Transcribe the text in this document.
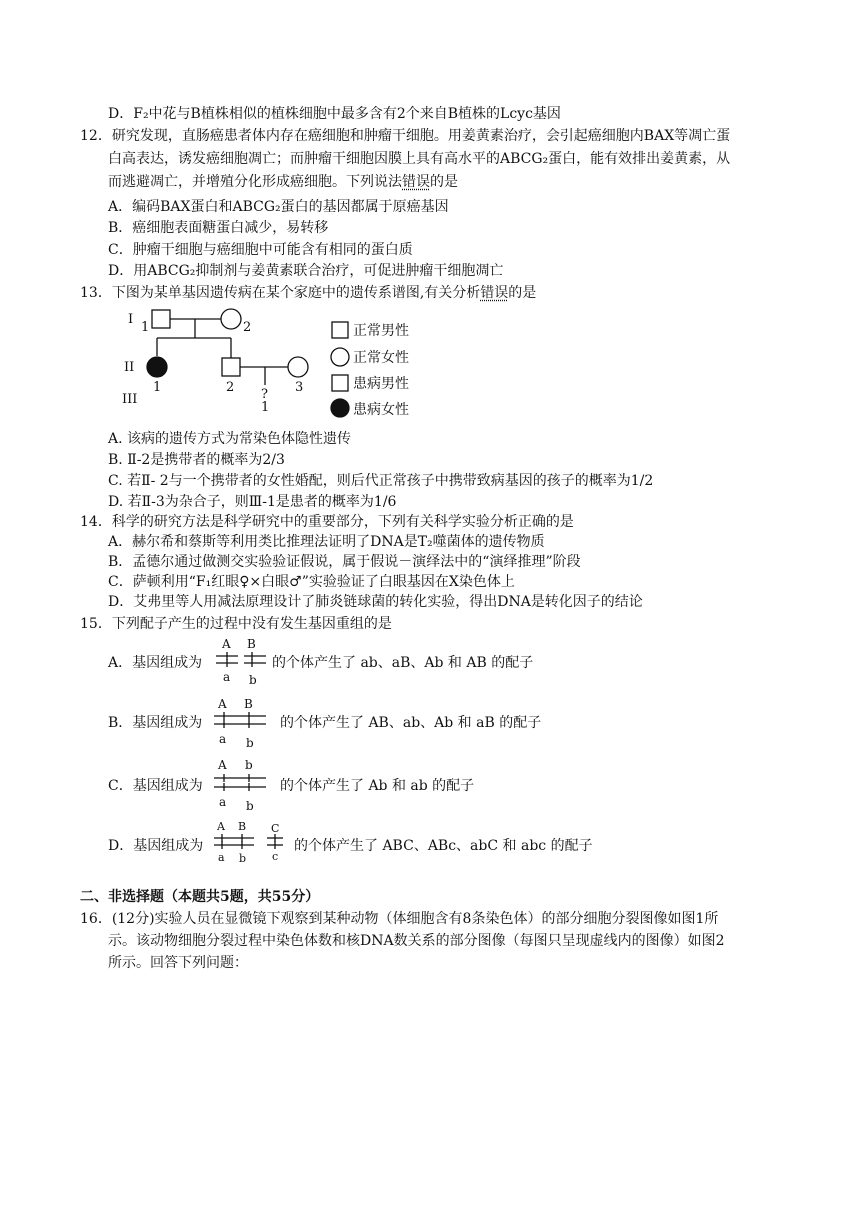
D．F₂中花与B植株相似的植株细胞中最多含有2个来自B植株的Lcyc基因
12．研究发现，直肠癌患者体内存在癌细胞和肿瘤干细胞。用姜黄素治疗，会引起癌细胞内BAX等凋亡蛋
白高表达，诱发癌细胞凋亡；而肿瘤干细胞因膜上具有高水平的ABCG₂蛋白，能有效排出姜黄素，从
而逃避凋亡，并增殖分化形成癌细胞。下列说法错误的是
A．编码BAX蛋白和ABCG₂蛋白的基因都属于原癌基因
B．癌细胞表面糖蛋白减少，易转移
C．肿瘤干细胞与癌细胞中可能含有相同的蛋白质
D．用ABCG₂抑制剂与姜黄素联合治疗，可促进肿瘤干细胞凋亡
13．下图为某单基因遗传病在某个家庭中的遗传系谱图,有关分析错误的是
I
II
III
1	2
1	2	3
?
1
正常男性
正常女性
患病男性
患病女性
A. 该病的遗传方式为常染色体隐性遗传
B. Ⅱ-2是携带者的概率为2/3
C. 若Ⅱ- 2与一个携带者的女性婚配，则后代正常孩子中携带致病基因的孩子的概率为1/2
D. 若Ⅱ-3为杂合子，则Ⅲ-1是患者的概率为1/6
14．科学的研究方法是科学研究中的重要部分，下列有关科学实验分析正确的是
A．赫尔希和蔡斯等利用类比推理法证明了DNA是T₂噬菌体的遗传物质
B．孟德尔通过做测交实验验证假说，属于假说－演绎法中的“演绎推理”阶段
C．萨顿利用“F₁红眼♀×白眼♂”实验验证了白眼基因在X染色体上
D．艾弗里等人用减法原理设计了肺炎链球菌的转化实验，得出DNA是转化因子的结论
15．下列配子产生的过程中没有发生基因重组的是
A．基因组成为
A
a
B
b
的个体产生了 ab、aB、Ab 和 AB 的配子
B．基因组成为
A
a
B
b
的个体产生了 AB、ab、Ab 和 aB 的配子
C．基因组成为
A
a
b
b
的个体产生了 Ab 和 ab 的配子
D．基因组成为
A
a
B
b
C
c
的个体产生了 ABC、ABc、abC 和 abc 的配子
二、非选择题（本题共5题，共55分）
16．(12分)实验人员在显微镜下观察到某种动物（体细胞含有8条染色体）的部分细胞分裂图像如图1所
示。该动物细胞分裂过程中染色体数和核DNA数关系的部分图像（每图只呈现虚线内的图像）如图2
所示。回答下列问题：
